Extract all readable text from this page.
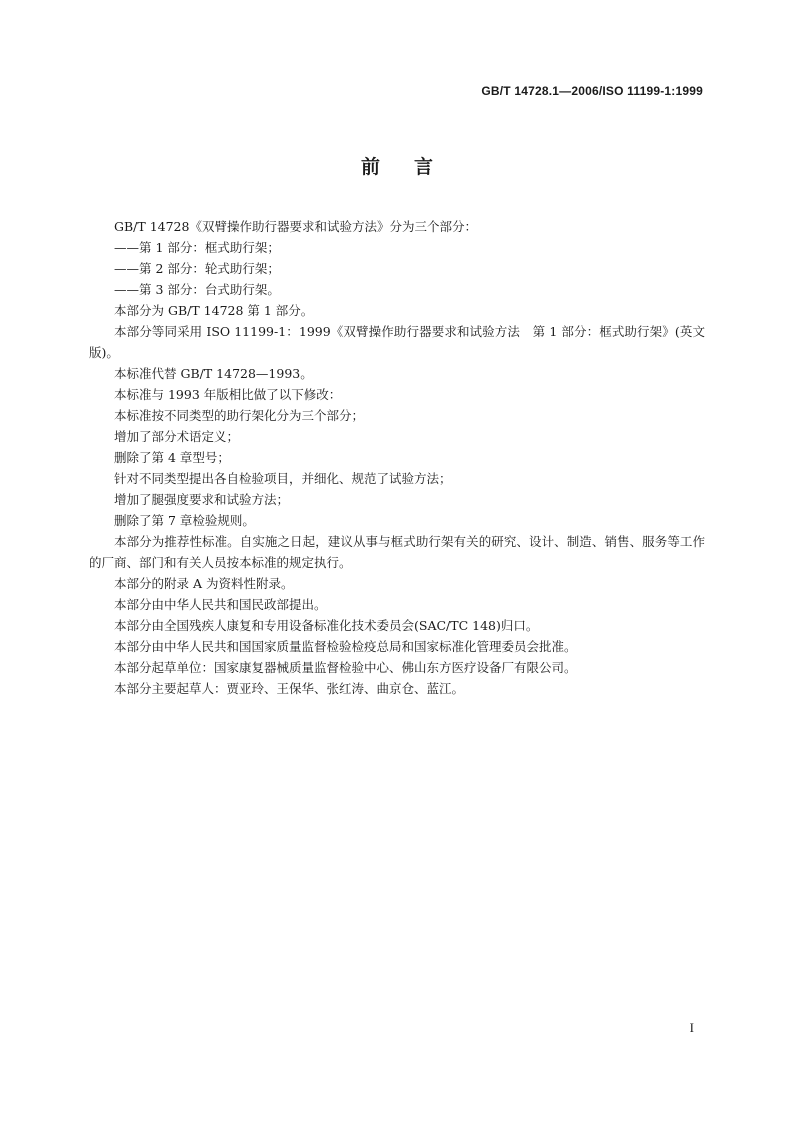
GB/T 14728.1—2006/ISO 11199-1:1999
前言

GB/T 14728《双臂操作助行器要求和试验方法》分为三个部分：

——第 1 部分：框式助行架；

——第 2 部分：轮式助行架；

——第 3 部分：台式助行架。

本部分为 GB/T 14728 第 1 部分。

本部分等同采用 ISO 11199-1：1999《双臂操作助行器要求和试验方法　第 1 部分：框式助行架》(英文版)。

本标准代替 GB/T 14728—1993。

本标准与 1993 年版相比做了以下修改：

本标准按不同类型的助行架化分为三个部分；

增加了部分术语定义；

删除了第 4 章型号；

针对不同类型提出各自检验项目，并细化、规范了试验方法；

增加了腿强度要求和试验方法；

删除了第 7 章检验规则。

本部分为推荐性标准。自实施之日起，建议从事与框式助行架有关的研究、设计、制造、销售、服务等工作的厂商、部门和有关人员按本标准的规定执行。

本部分的附录 A 为资料性附录。

本部分由中华人民共和国民政部提出。

本部分由全国残疾人康复和专用设备标准化技术委员会(SAC/TC 148)归口。

本部分由中华人民共和国国家质量监督检验检疫总局和国家标准化管理委员会批准。

本部分起草单位：国家康复器械质量监督检验中心、佛山东方医疗设备厂有限公司。

本部分主要起草人：贾亚玲、王保华、张红涛、曲京仓、蓝江。

I
